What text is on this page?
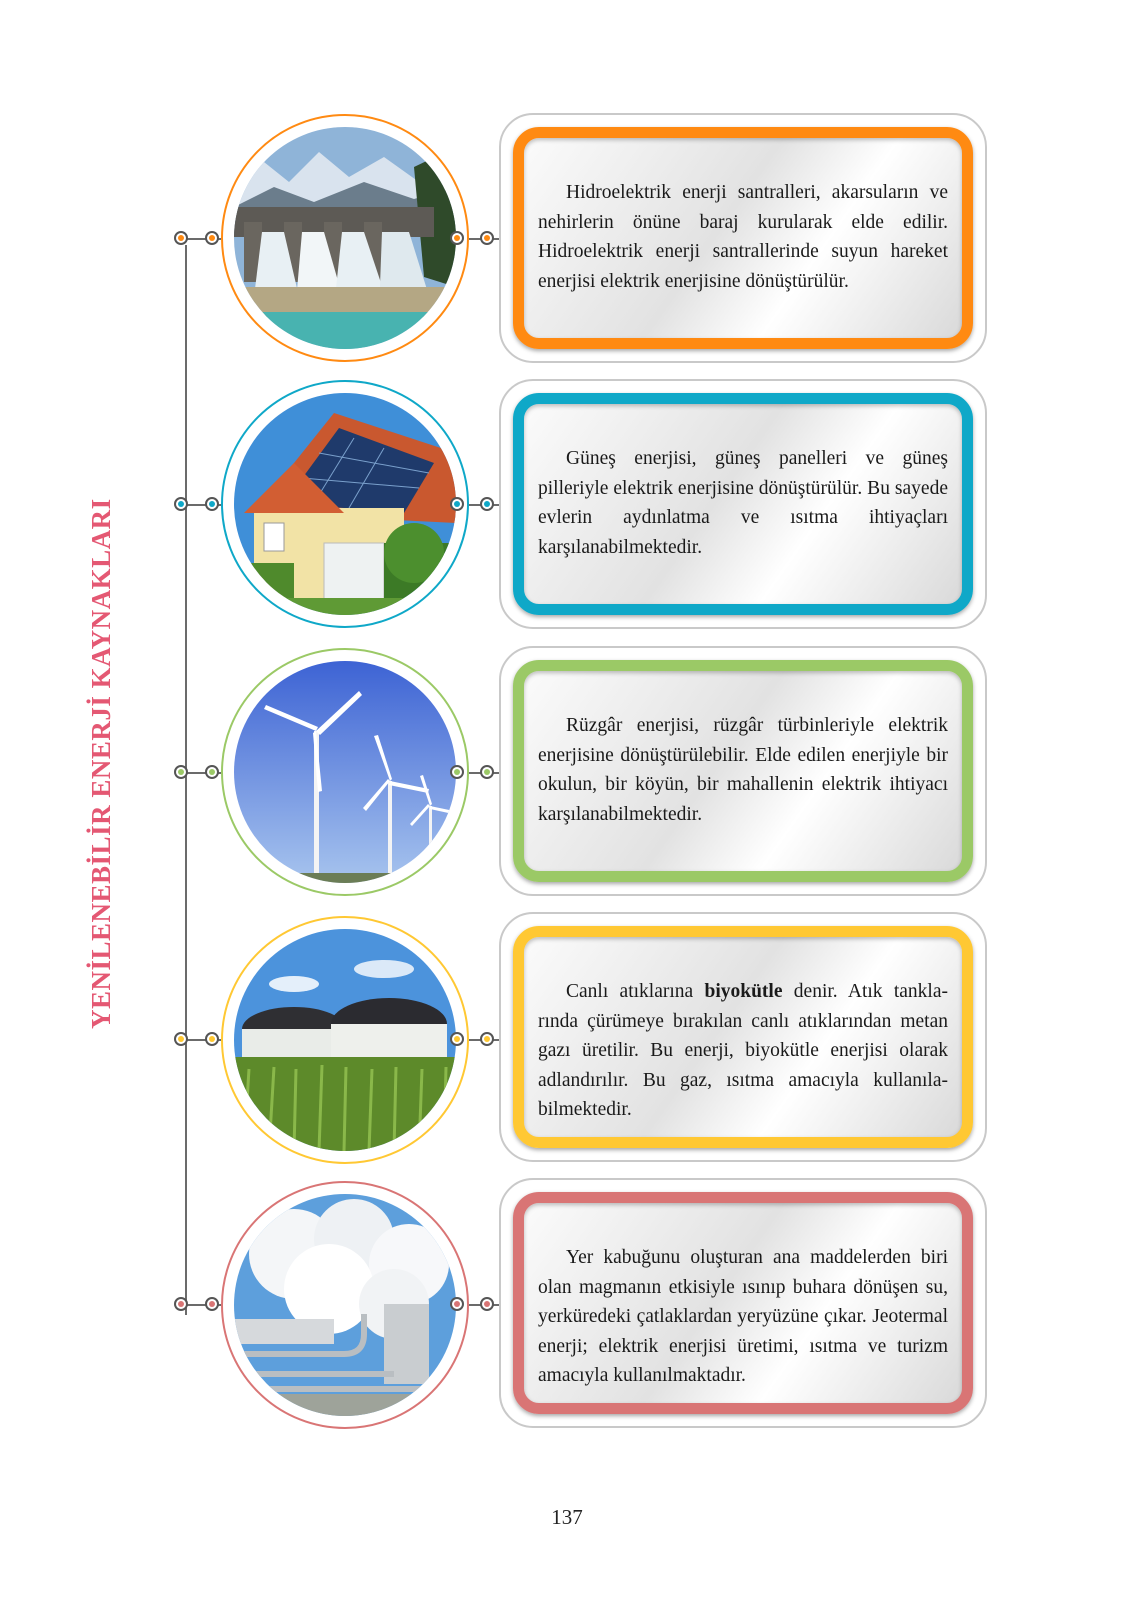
YENİLENEBİLİR ENERJİ KAYNAKLARI
Hidroelektrik enerji santralleri, akarsuların ve nehirlerin önüne baraj kurularak elde edilir. Hidroelektrik enerji santrallerinde suyun hareket enerjisi elektrik enerjisine dönüştürülür.
Güneş enerjisi, güneş panelleri ve güneş pilleriyle elektrik enerjisine dönüştürülür. Bu sayede evlerin aydınlatma ve ısıtma ihtiyaçları karşılanabilmektedir.
Rüzgâr enerjisi, rüzgâr türbinleriyle elektrik enerjisine dönüştürülebilir. Elde edilen enerjiyle bir okulun, bir köyün, bir mahallenin elektrik ihtiyacı karşılanabilmektedir.
Canlı atıklarına biyokütle denir. Atık tanklarında çürümeye bırakılan canlı atıklarından metan gazı üretilir. Bu enerji, biyokütle enerjisi olarak adlandırılır. Bu gaz, ısıtma amacıyla kullanılabilmektedir.
Yer kabuğunu oluşturan ana maddelerden biri olan magmanın etkisiyle ısınıp buhara dönüşen su, yerküredeki çatlaklardan yeryüzüne çıkar. Jeotermal enerji; elektrik enerjisi üretimi, ısıtma ve turizm amacıyla kullanılmaktadır.
137
